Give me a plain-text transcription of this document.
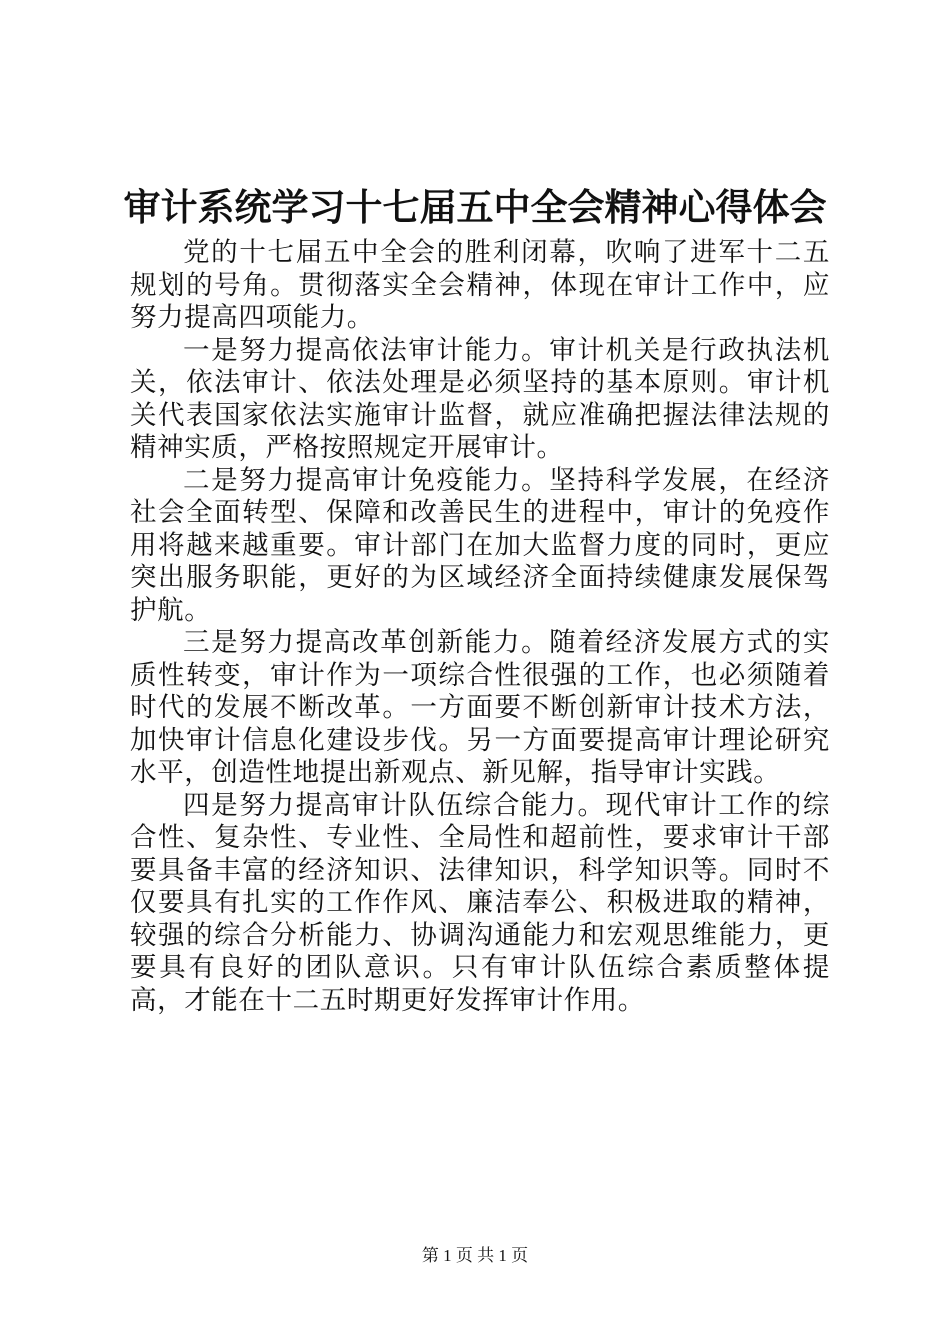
审计系统学习十七届五中全会精神心得体会

党的十七届五中全会的胜利闭幕，吹响了进军十二五规划的号角。贯彻落实全会精神，体现在审计工作中，应努力提高四项能力。

一是努力提高依法审计能力。审计机关是行政执法机关，依法审计、依法处理是必须坚持的基本原则。审计机关代表国家依法实施审计监督，就应准确把握法律法规的精神实质，严格按照规定开展审计。

二是努力提高审计免疫能力。坚持科学发展，在经济社会全面转型、保障和改善民生的进程中，审计的免疫作用将越来越重要。审计部门在加大监督力度的同时，更应突出服务职能，更好的为区域经济全面持续健康发展保驾护航。

三是努力提高改革创新能力。随着经济发展方式的实质性转变，审计作为一项综合性很强的工作，也必须随着时代的发展不断改革。一方面要不断创新审计技术方法，加快审计信息化建设步伐。另一方面要提高审计理论研究水平，创造性地提出新观点、新见解，指导审计实践。

四是努力提高审计队伍综合能力。现代审计工作的综合性、复杂性、专业性、全局性和超前性，要求审计干部要具备丰富的经济知识、法律知识，科学知识等。同时不仅要具有扎实的工作作风、廉洁奉公、积极进取的精神，较强的综合分析能力、协调沟通能力和宏观思维能力，更要具有良好的团队意识。只有审计队伍综合素质整体提高，才能在十二五时期更好发挥审计作用。

第 1 页 共 1 页
